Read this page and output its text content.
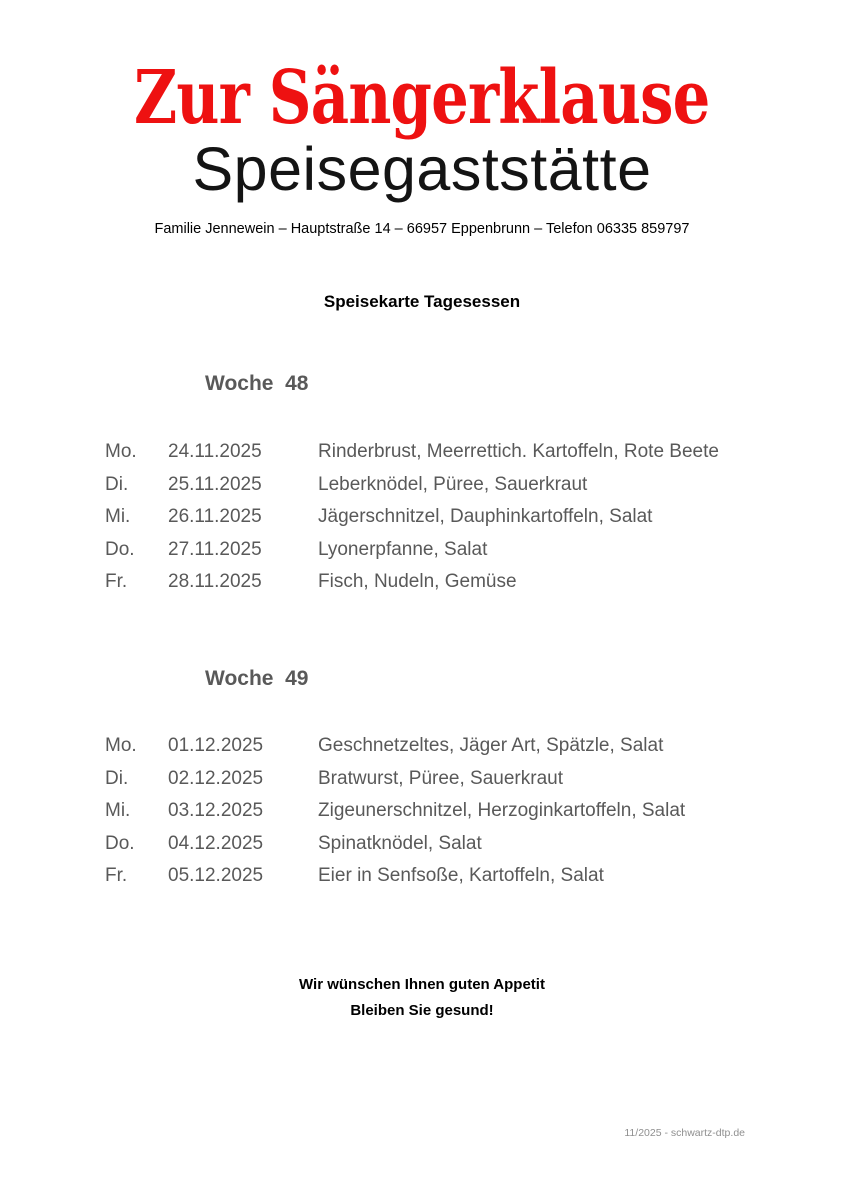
Zur Sängerklause
Speisegaststätte
Familie Jennewein – Hauptstraße 14 – 66957 Eppenbrunn – Telefon 06335 859797
Speisekarte Tagesessen
Woche  48
Mo.	24.11.2025	Rinderbrust, Meerrettich. Kartoffeln, Rote Beete
Di.	25.11.2025	Leberknödel, Püree, Sauerkraut
Mi.	26.11.2025	Jägerschnitzel, Dauphinkartoffeln, Salat
Do.	27.11.2025	Lyonerpfanne, Salat
Fr.	28.11.2025	Fisch, Nudeln, Gemüse
Woche  49
Mo.	01.12.2025	Geschnetzeltes, Jäger Art, Spätzle, Salat
Di.	02.12.2025	Bratwurst, Püree, Sauerkraut
Mi.	03.12.2025	Zigeunerschnitzel, Herzoginkartoffeln, Salat
Do.	04.12.2025	Spinatknödel, Salat
Fr.	05.12.2025	Eier in Senfsoße, Kartoffeln, Salat
Wir wünschen Ihnen guten Appetit
Bleiben Sie gesund!
11/2025 - schwartz-dtp.de
